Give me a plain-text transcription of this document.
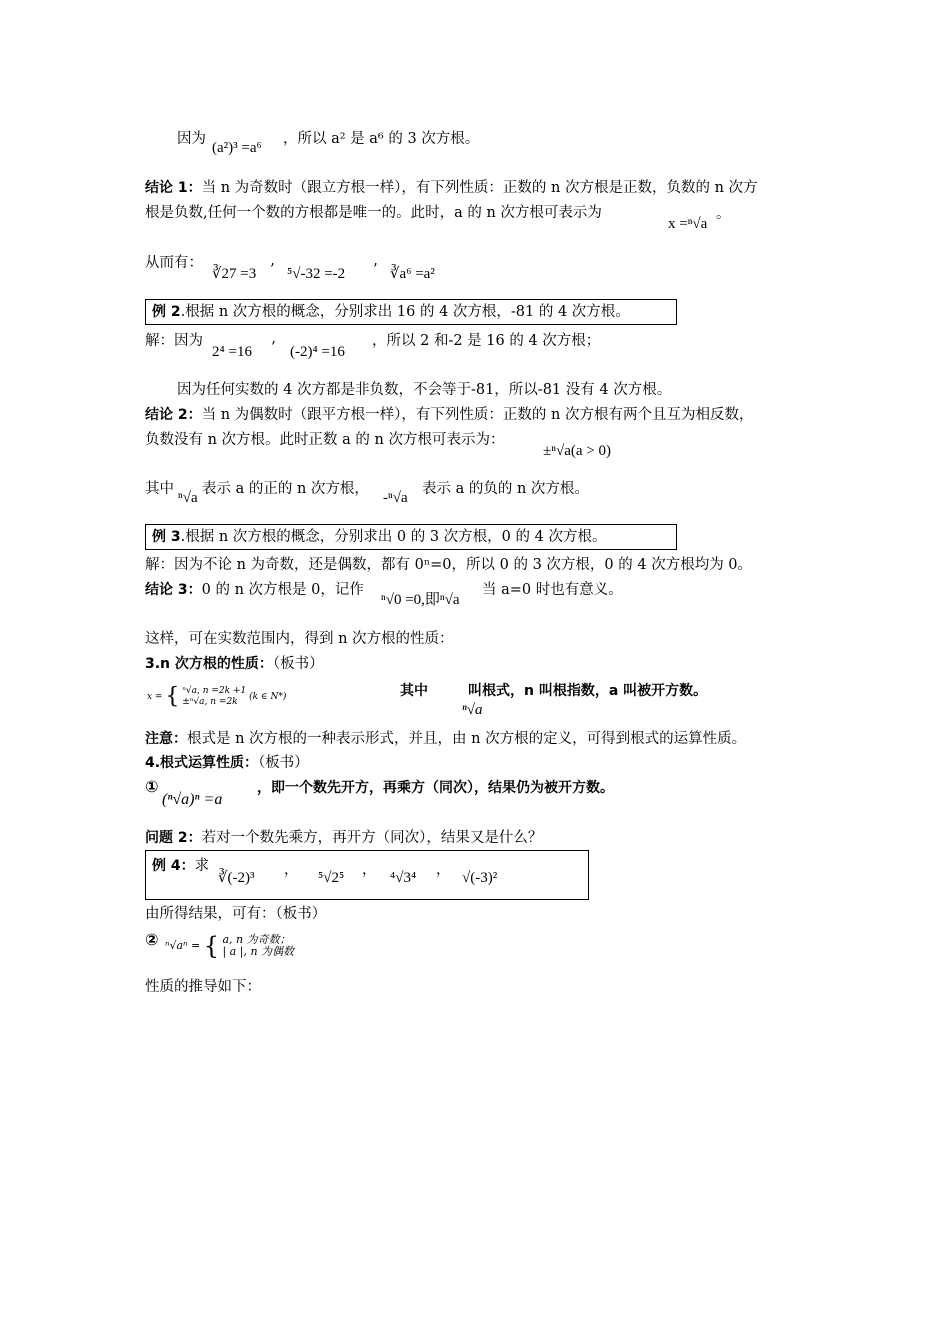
因为
(a²)³ =a⁶
，所以 a² 是 a⁶ 的 3 次方根。
结论 1：当 n 为奇数时（跟立方根一样），有下列性质：正数的 n 次方根是正数，负数的 n 次方
根是负数,任何一个数的方根都是唯一的。此时，a 的 n 次方根可表示为
x =ⁿ√a
。
从而有：
∛27 =3 ’ ⁵√-32 =-2 ’ ∛a⁶ =a²
例 2.根据 n 次方根的概念，分别求出 16 的 4 次方根，-81 的 4 次方根。
解：因为
2⁴ =16 ’ (-2)⁴ =16
，所以 2 和-2 是 16 的 4 次方根；
因为任何实数的 4 次方都是非负数，不会等于-81，所以-81 没有 4 次方根。
结论 2：当 n 为偶数时（跟平方根一样），有下列性质：正数的 n 次方根有两个且互为相反数，
负数没有 n 次方根。此时正数 a 的 n 次方根可表示为：
±ⁿ√a(a > 0)
其中
ⁿ√a
表示 a 的正的 n 次方根，
-ⁿ√a
表示 a 的负的 n 次方根。
例 3.根据 n 次方根的概念，分别求出 0 的 3 次方根，0 的 4 次方根。
解：因为不论 n 为奇数，还是偶数，都有 0ⁿ=0，所以 0 的 3 次方根，0 的 4 次方根均为 0。
结论 3：0 的 n 次方根是 0，记作
ⁿ√0 =0,即ⁿ√a
当 a=0 时也有意义。
这样，可在实数范围内，得到 n 次方根的性质：
3.n 次方根的性质：（板书）
x = { ⁿ√a, n =2k +1
±ⁿ√a, n =2k (k ∈ N*)	其中
ⁿ√a
叫根式，n 叫根指数，a 叫被开方数。
注意：根式是 n 次方根的一种表示形式，并且，由 n 次方根的定义，可得到根式的运算性质。
4.根式运算性质：（板书）
①
(ⁿ√a)ⁿ =a
，即一个数先开方，再乘方（同次），结果仍为被开方数。
问题 2：若对一个数先乘方，再开方（同次），结果又是什么？
例 4：求
∛(-2)³ ， ⁵√2⁵ ， ⁴√3⁴ ， √(-3)²
由所得结果，可有：（板书）
② ⁿ√aⁿ = { a, n 为奇数；
| a |, n 为偶数
性质的推导如下：
